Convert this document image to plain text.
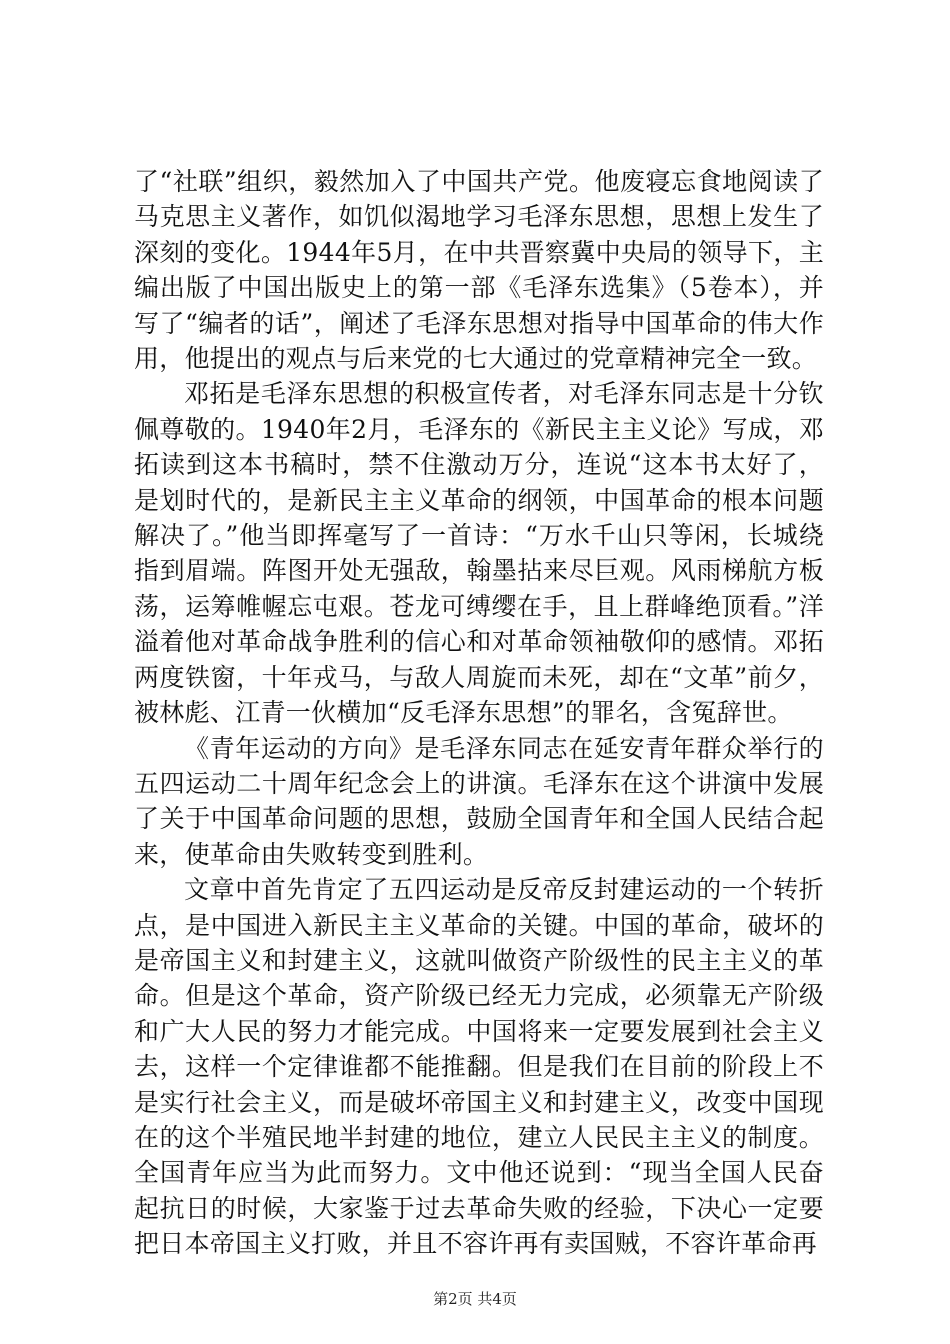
了“社联”组织，毅然加入了中国共产党。他废寝忘食地阅读了马克思主义著作，如饥似渴地学习毛泽东思想，思想上发生了深刻的变化。1944年5月，在中共晋察冀中央局的领导下，主编出版了中国出版史上的第一部《毛泽东选集》（5卷本），并写了“编者的话”，阐述了毛泽东思想对指导中国革命的伟大作用，他提出的观点与后来党的七大通过的党章精神完全一致。

邓拓是毛泽东思想的积极宣传者，对毛泽东同志是十分钦佩尊敬的。1940年2月，毛泽东的《新民主主义论》写成，邓拓读到这本书稿时，禁不住激动万分，连说“这本书太好了，是划时代的，是新民主主义革命的纲领，中国革命的根本问题解决了。”他当即挥毫写了一首诗：“万水千山只等闲，长城绕指到眉端。阵图开处无强敌，翰墨拈来尽巨观。风雨梯航方板荡，运筹帷幄忘屯艰。苍龙可缚缨在手，且上群峰绝顶看。”洋溢着他对革命战争胜利的信心和对革命领袖敬仰的感情。邓拓两度铁窗，十年戎马，与敌人周旋而未死，却在“文革”前夕，被林彪、江青一伙横加“反毛泽东思想”的罪名，含冤辞世。

《青年运动的方向》是毛泽东同志在延安青年群众举行的五四运动二十周年纪念会上的讲演。毛泽东在这个讲演中发展了关于中国革命问题的思想，鼓励全国青年和全国人民结合起来，使革命由失败转变到胜利。

文章中首先肯定了五四运动是反帝反封建运动的一个转折点，是中国进入新民主主义革命的关键。中国的革命，破坏的是帝国主义和封建主义，这就叫做资产阶级性的民主主义的革命。但是这个革命，资产阶级已经无力完成，必须靠无产阶级和广大人民的努力才能完成。中国将来一定要发展到社会主义去，这样一个定律谁都不能推翻。但是我们在目前的阶段上不是实行社会主义，而是破坏帝国主义和封建主义，改变中国现在的这个半殖民地半封建的地位，建立人民民主主义的制度。全国青年应当为此而努力。文中他还说到：“现当全国人民奋起抗日的时候，大家鉴于过去革命失败的经验，下决心一定要把日本帝国主义打败，并且不容许再有卖国贼，不容许革命再

第2页 共4页
